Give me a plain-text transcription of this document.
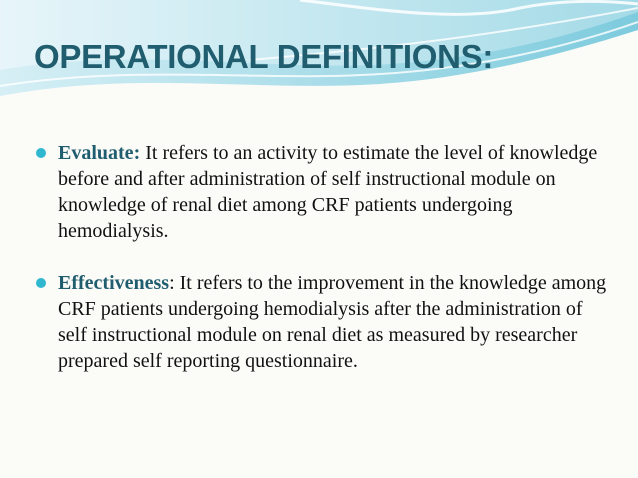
OPERATIONAL DEFINITIONS:
Evaluate: It refers to an activity to estimate the level of knowledge before and after administration of self instructional module on knowledge of renal diet among CRF patients undergoing hemodialysis.
Effectiveness: It refers to the improvement in the knowledge among CRF patients undergoing hemodialysis after the administration of self instructional module on renal diet as measured by researcher prepared self reporting questionnaire.
